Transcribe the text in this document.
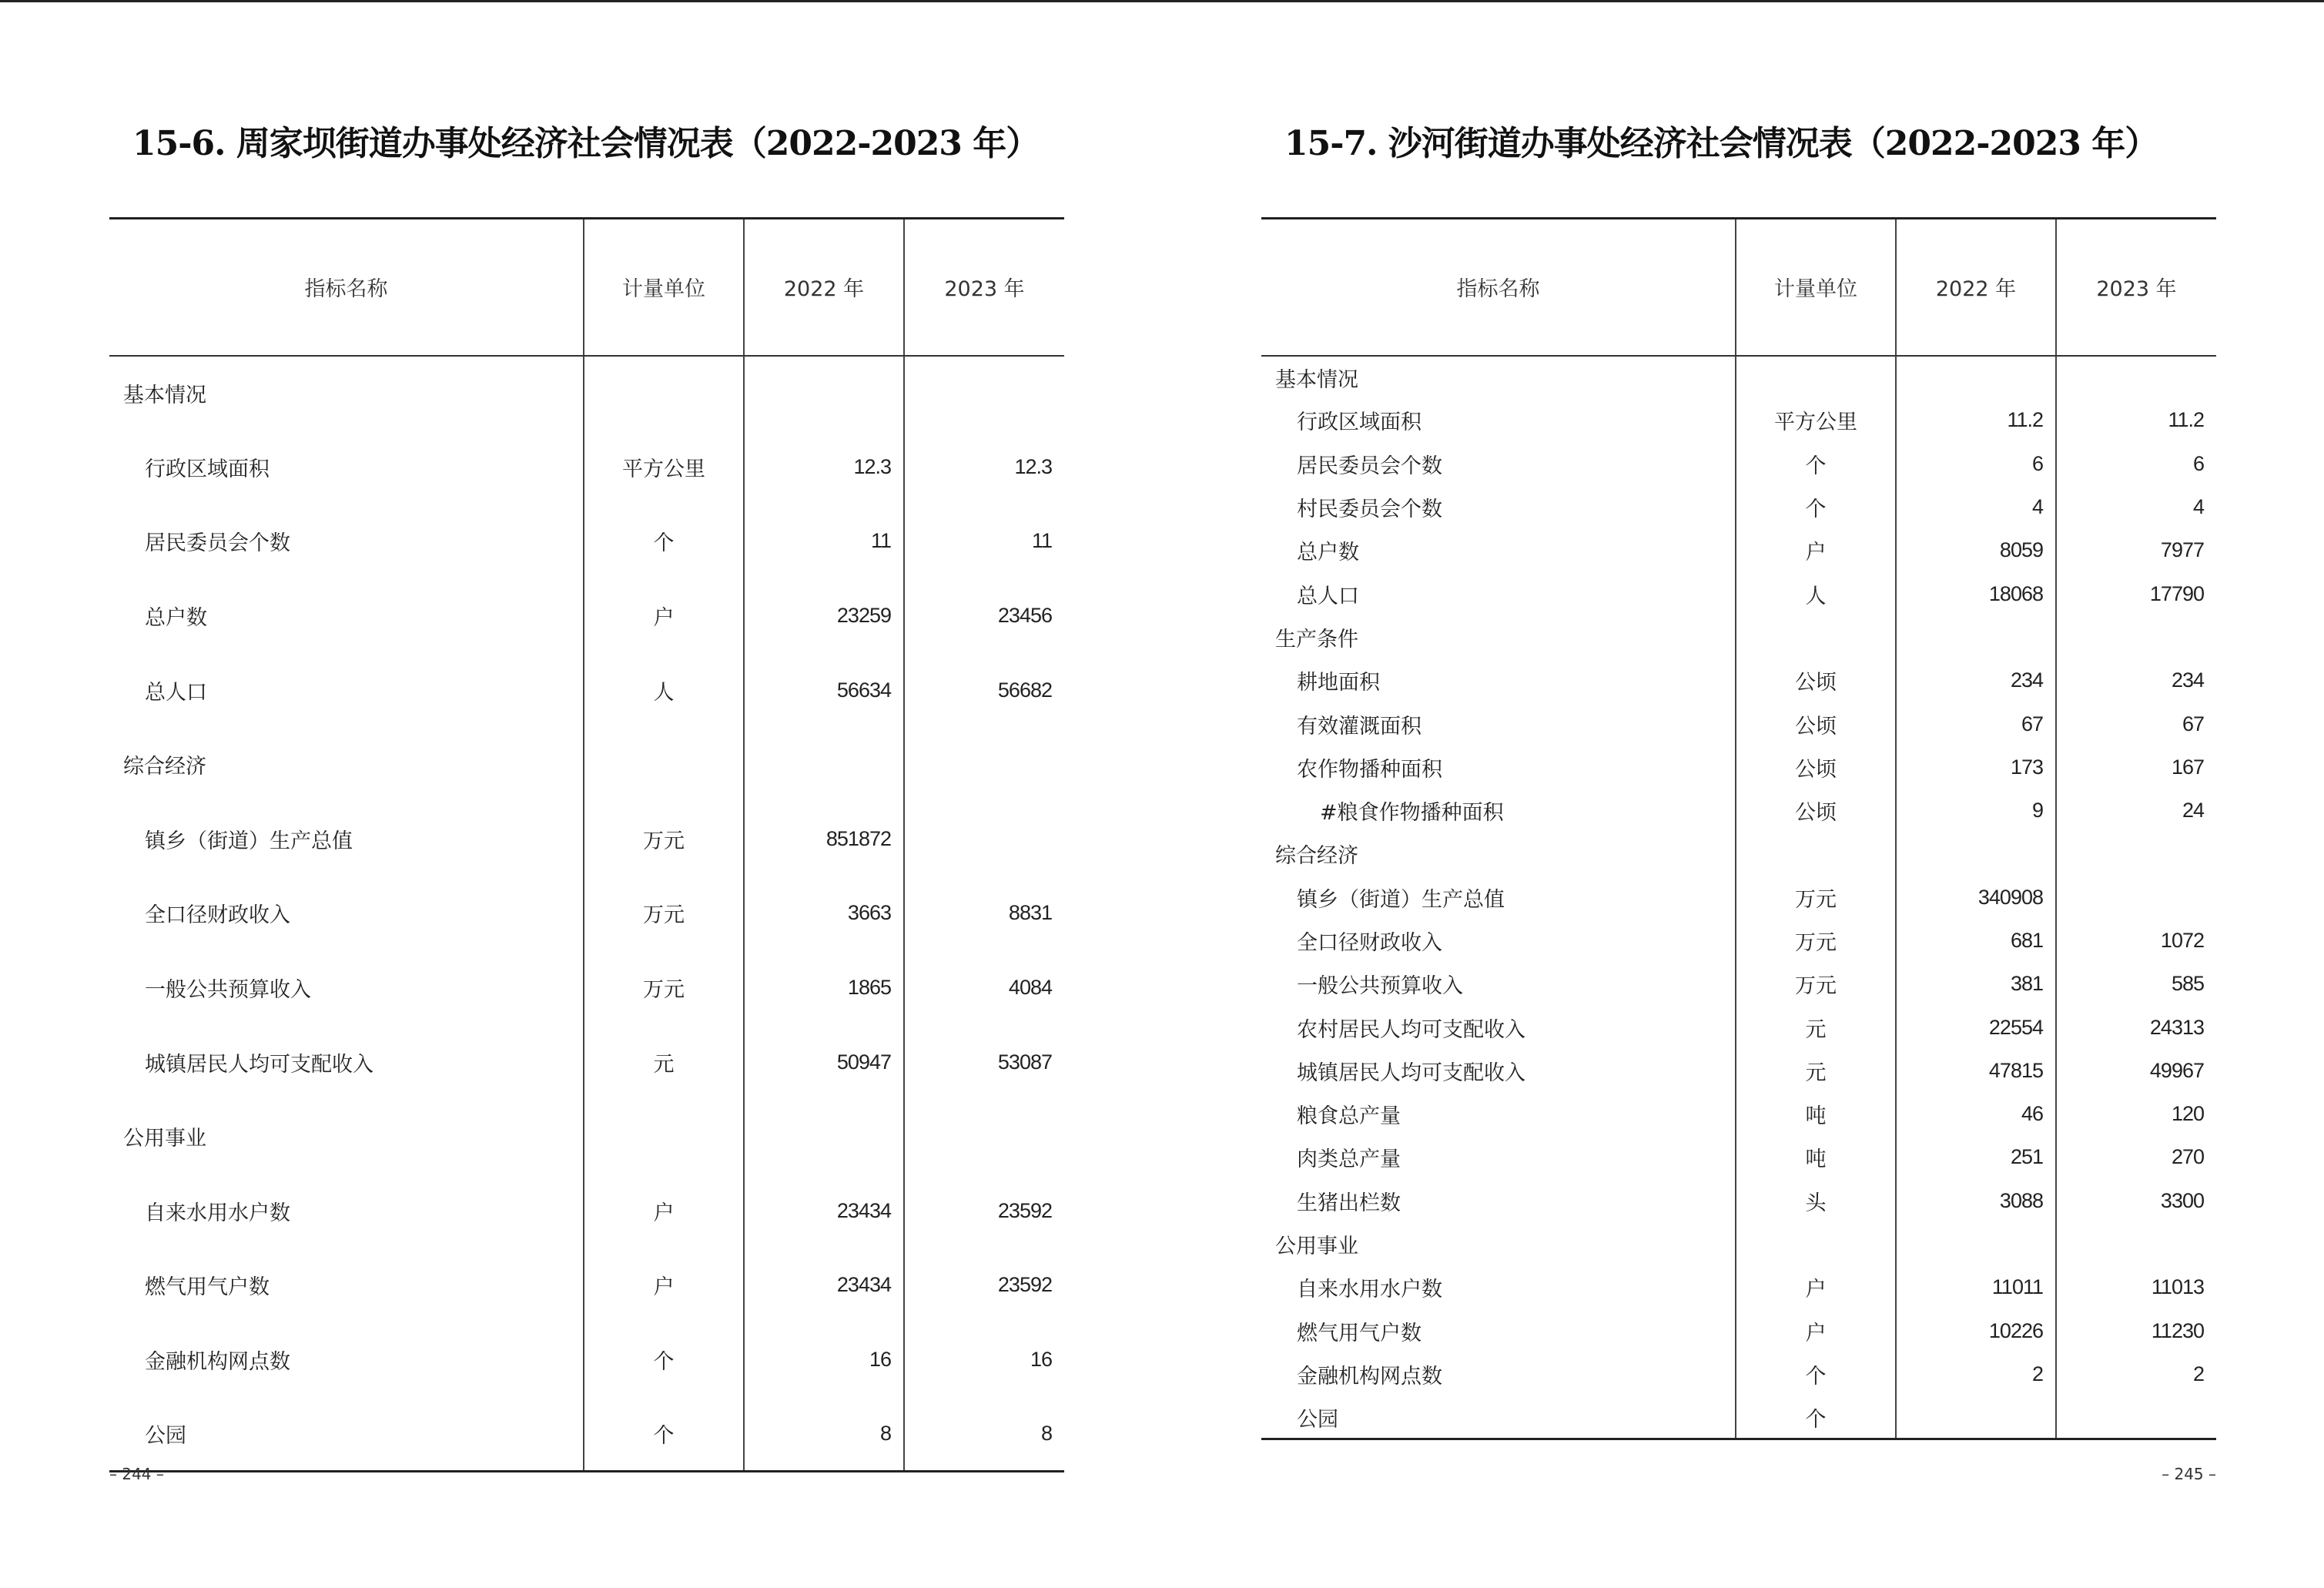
15-6. 周家坝街道办事处经济社会情况表（2022-2023 年）
指标名称	计量单位	2022 年	2023 年
基本情况			
行政区域面积	平方公里	12.3	12.3
居民委员会个数	个	11	11
总户数	户	23259	23456
总人口	人	56634	56682
综合经济			
镇乡（街道）生产总值	万元	851872	
全口径财政收入	万元	3663	8831
一般公共预算收入	万元	1865	4084
城镇居民人均可支配收入	元	50947	53087
公用事业			
自来水用水户数	户	23434	23592
燃气用气户数	户	23434	23592
金融机构网点数	个	16	16
公园	个	8	8
– 244 –
15-7. 沙河街道办事处经济社会情况表（2022-2023 年）
指标名称	计量单位	2022 年	2023 年
基本情况			
行政区域面积	平方公里	11.2	11.2
居民委员会个数	个	6	6
村民委员会个数	个	4	4
总户数	户	8059	7977
总人口	人	18068	17790
生产条件			
耕地面积	公顷	234	234
有效灌溉面积	公顷	67	67
农作物播种面积	公顷	173	167
#粮食作物播种面积	公顷	9	24
综合经济			
镇乡（街道）生产总值	万元	340908	
全口径财政收入	万元	681	1072
一般公共预算收入	万元	381	585
农村居民人均可支配收入	元	22554	24313
城镇居民人均可支配收入	元	47815	49967
粮食总产量	吨	46	120
肉类总产量	吨	251	270
生猪出栏数	头	3088	3300
公用事业			
自来水用水户数	户	11011	11013
燃气用气户数	户	10226	11230
金融机构网点数	个	2	2
公园	个		
– 245 –
